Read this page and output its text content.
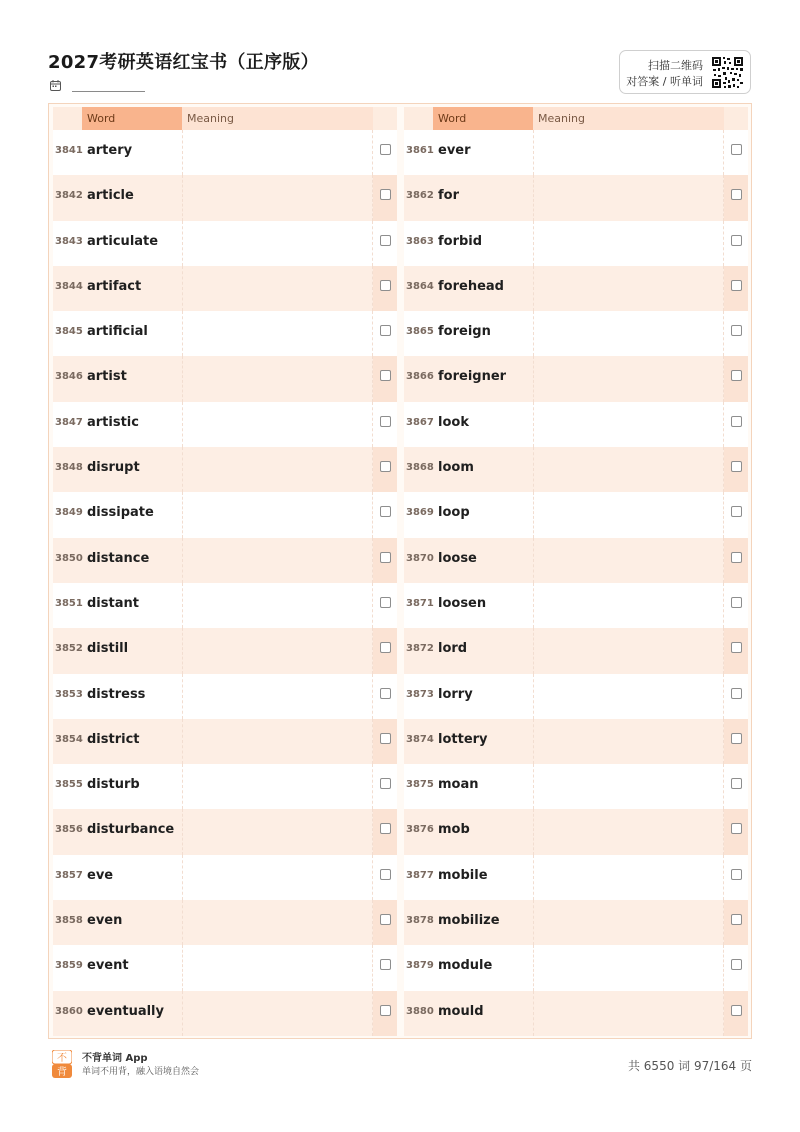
2027考研英语红宝书（正序版）	扫描二维码
对答案 / 听单词
Word	Meaning
3841 artery
3842 article
3843 articulate
3844 artifact
3845 artificial
3846 artist
3847 artistic
3848 disrupt
3849 dissipate
3850 distance
3851 distant
3852 distill
3853 distress
3854 district
3855 disturb
3856 disturbance
3857 eve
3858 even
3859 event
3860 eventually
Word	Meaning
3861 ever
3862 for
3863 forbid
3864 forehead
3865 foreign
3866 foreigner
3867 look
3868 loom
3869 loop
3870 loose
3871 loosen
3872 lord
3873 lorry
3874 lottery
3875 moan
3876 mob
3877 mobile
3878 mobilize
3879 module
3880 mould
不
背
不背单词 App
单词不用背，融入语境自然会	共 6550 词 97/164 页
